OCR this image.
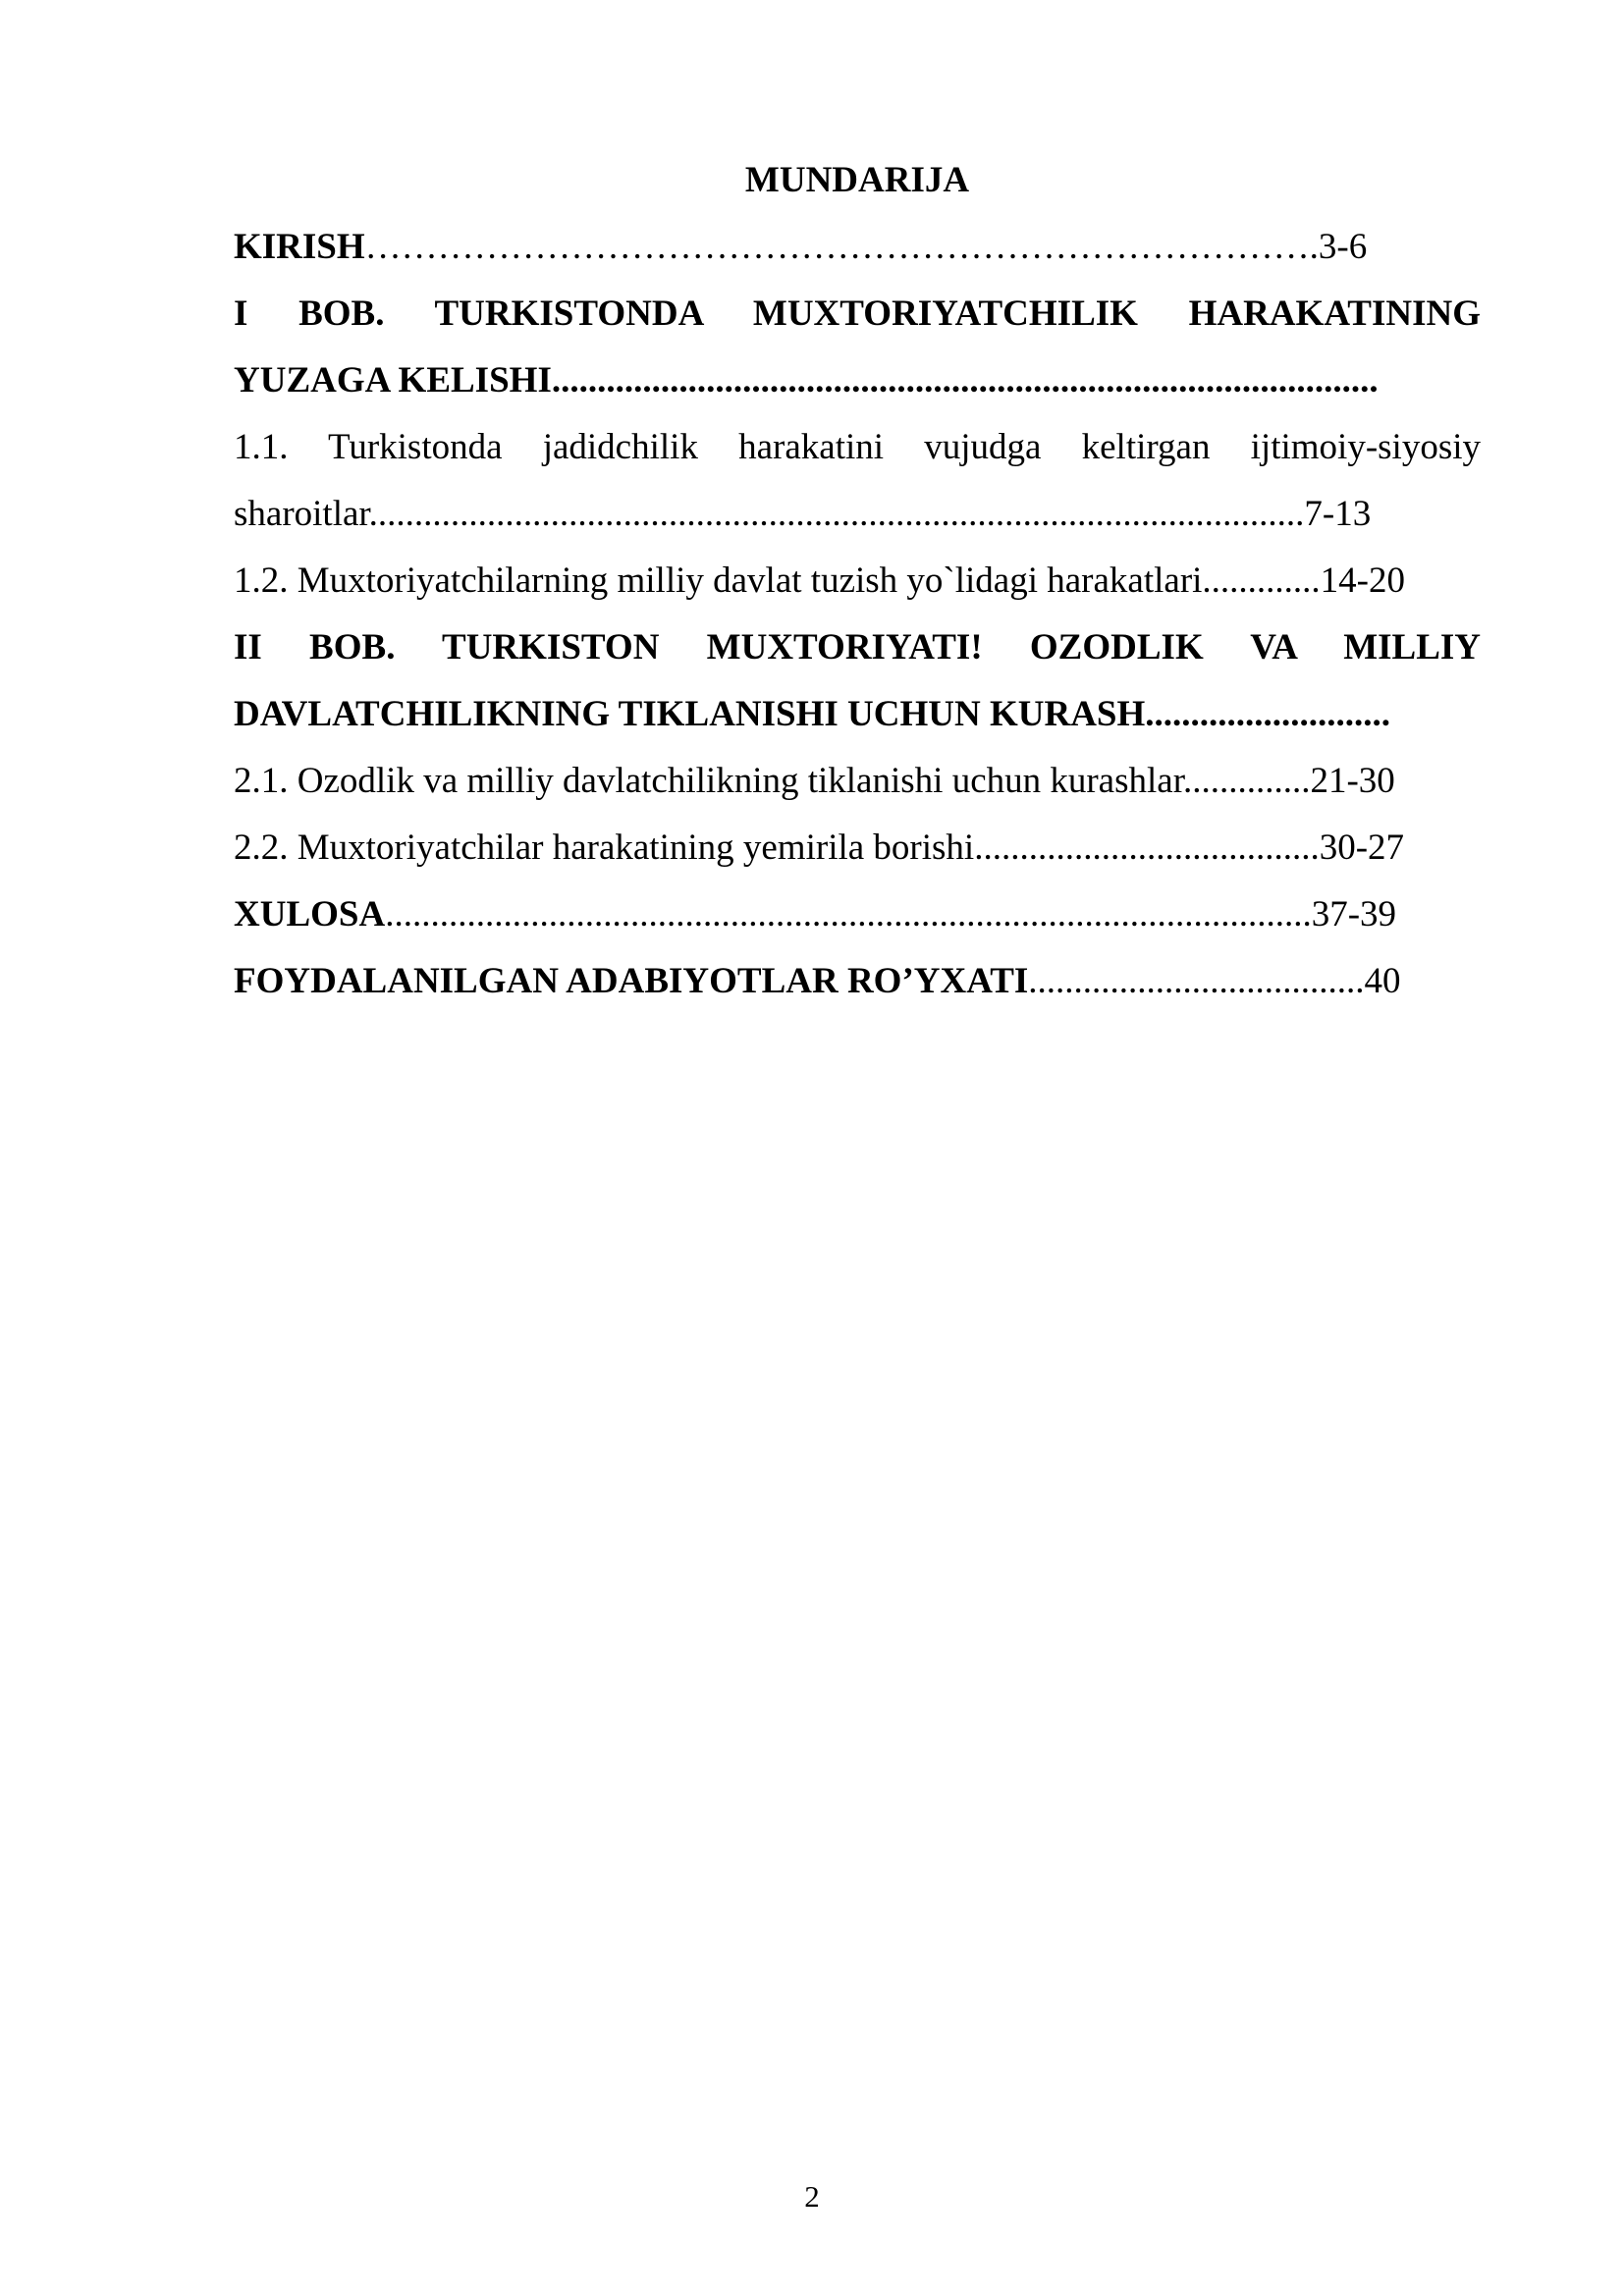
MUNDARIJA
KIRISH…………………………………………………………………….3-6
I BOB. TURKISTONDA MUXTORIYATCHILIK HARAKATINING
YUZAGA KELISHI...........................................................................................
1.1. Turkistonda jadidchilik harakatini vujudga keltirgan ijtimoiy-siyosiy
sharoitlar.......................................................................................................7-13
1.2. Muxtoriyatchilarning milliy davlat tuzish yo`lidagi harakatlari.............14-20
II BOB. TURKISTON MUXTORIYATI! OZODLIK VA MILLIY
DAVLATCHILIKNING TIKLANISHI UCHUN KURASH...........................
2.1. Ozodlik va milliy davlatchilikning tiklanishi uchun kurashlar..............21-30
2.2. Muxtoriyatchilar harakatining yemirila borishi......................................30-27
XULOSA......................................................................................................37-39
FOYDALANILGAN ADABIYOTLAR RO’YXATI.....................................40
2
